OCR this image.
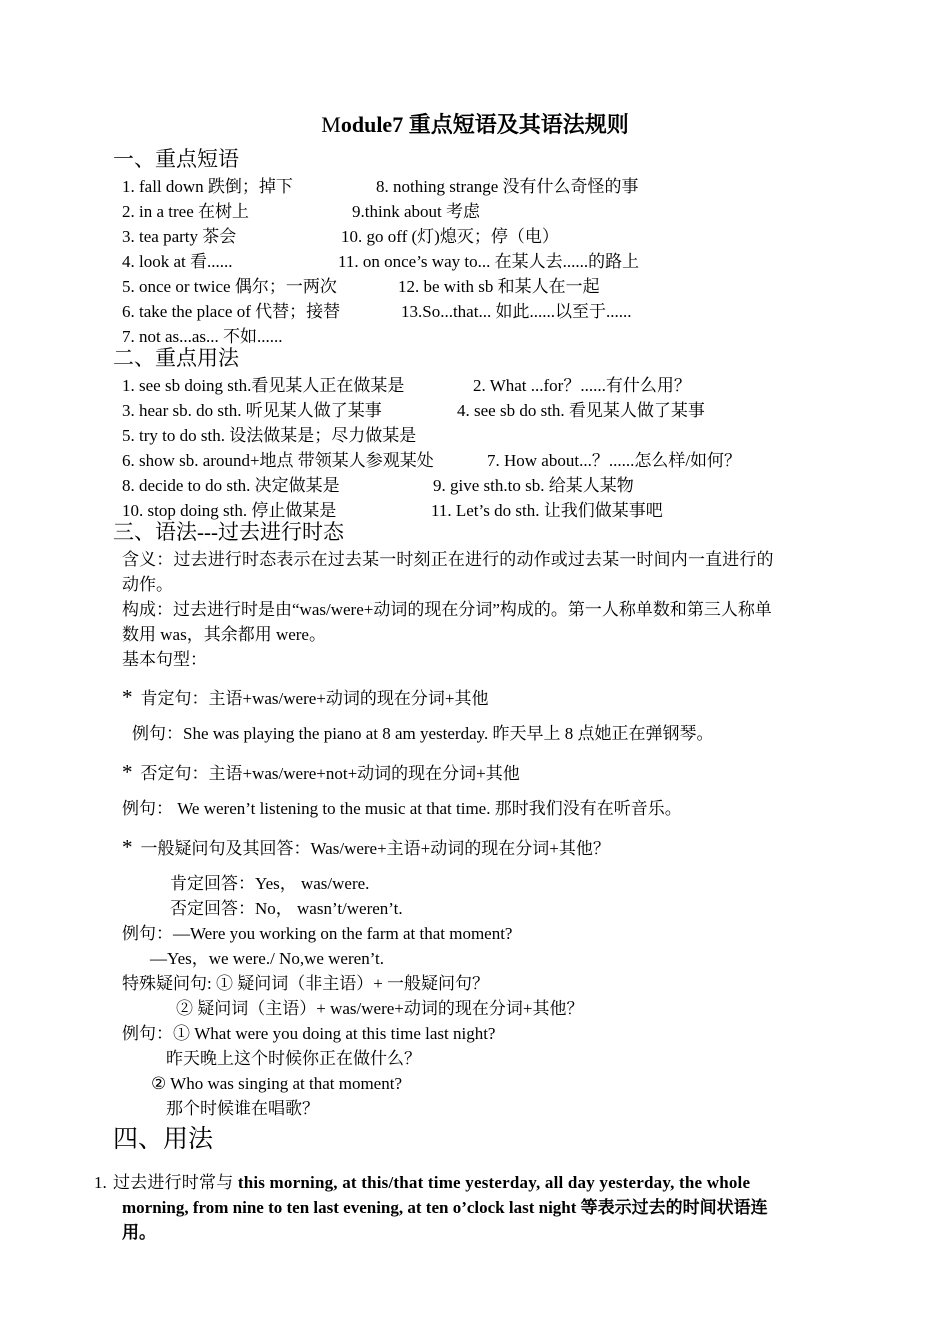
Module7 重点短语及其语法规则
一、重点短语
1. fall down 跌倒；掉下	8. nothing strange 没有什么奇怪的事
2. in a tree 在树上	9.think about 考虑
3. tea party 茶会	10. go off (灯)熄灭；停（电）
4. look at 看......	11. on once’s way to... 在某人去......的路上
5. once or twice 偶尔；一两次	12. be with sb 和某人在一起
6. take the place of 代替；接替	13.So...that... 如此......以至于......
7. not as...as... 不如......
二、重点用法
1. see sb doing sth.看见某人正在做某是	2. What ...for？......有什么用？
3. hear sb. do sth. 听见某人做了某事	4. see sb do sth. 看见某人做了某事
5. try to do sth. 设法做某是；尽力做某是
6. show sb. around+地点 带领某人参观某处	7. How about...？......怎么样/如何？
8. decide to do sth. 决定做某是	9. give sth.to sb. 给某人某物
10. stop doing sth. 停止做某是	11. Let’s do sth. 让我们做某事吧
三、语法---过去进行时态
含义：过去进行时态表示在过去某一时刻正在进行的动作或过去某一时间内一直进行的
动作。
构成：过去进行时是由“was/were+动词的现在分词”构成的。第一人称单数和第三人称单
数用 was，其余都用 were。
基本句型：
* 肯定句：主语+was/were+动词的现在分词+其他
例句：She was playing the piano at 8 am yesterday. 昨天早上 8 点她正在弹钢琴。
* 否定句：主语+was/were+not+动词的现在分词+其他
例句： We weren’t listening to the music at that time. 那时我们没有在听音乐。
* 一般疑问句及其回答：Was/were+主语+动词的现在分词+其他？
肯定回答：Yes， was/were.
否定回答：No， wasn’t/weren’t.
例句：—Were you working on the farm at that moment?
—Yes，we were./ No,we weren’t.
特殊疑问句: ① 疑问词（非主语）+ 一般疑问句？
② 疑问词（主语）+ was/were+动词的现在分词+其他？
例句：① What were you doing at this time last night?
昨天晚上这个时候你正在做什么？
② Who was singing at that moment?
那个时候谁在唱歌？
四、用法
1. 过去进行时常与 this morning, at this/that time yesterday, all day yesterday, the whole
morning, from nine to ten last evening, at ten o’clock last night 等表示过去的时间状语连
用。
